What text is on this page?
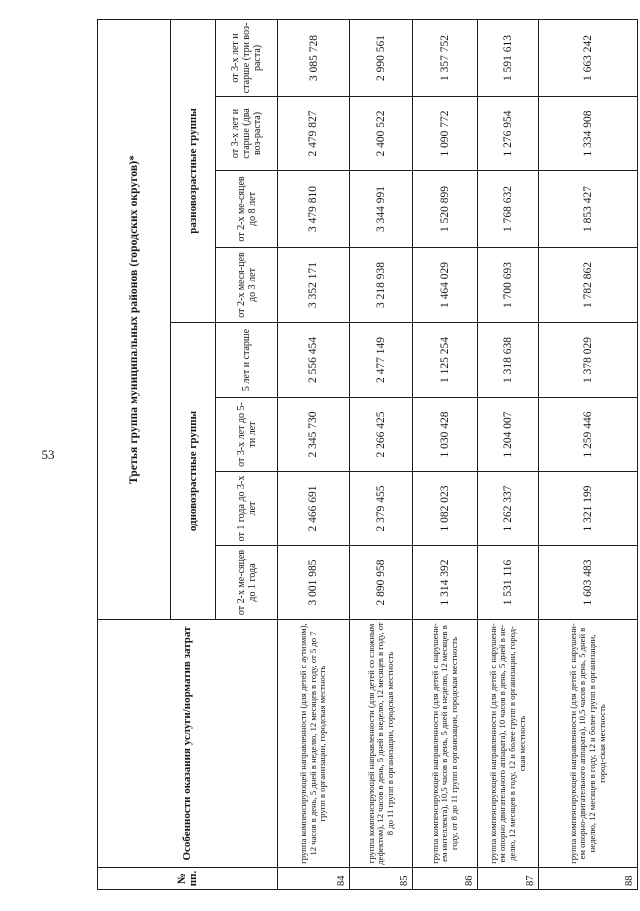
53
№ пп.	Особенности оказания услуги/норматив затрат	Третья группа муниципальных районов (городских округов)*							
		одновозрастные группы				разновозрастные группы			
		от 2-х ме-сяцев до 1 года	от 1 года до 3-х лет	от 3-х лет до 5-ти лет	5 лет и старше	от 2-х меся-цев до 3 лет	от 2-х ме-сяцев до 8 лет	от 3-х лет и старше (два воз-раста)	от 3-х лет и старше (три воз-раста)
84	группа компенсирующей направленности (для детей с аутизмом), 12 часов в день, 5 дней в неделю, 12 месяцев в году, от 5 до 7 групп в организации, городская местность	3 001 985	2 466 691	2 345 730	2 556 454	3 352 171	3 479 810	2 479 827	3 085 728
85	группа компенсирующей направленности (для детей со сложным дефектом), 12 часов в день, 5 дней в неделю, 12 месяцев в году, от 8 до 11 групп в организации, городская местность	2 890 958	2 379 455	2 266 425	2 477 149	3 218 938	3 344 991	2 400 522	2 990 561
86	группа компенсирующей направленности (для детей с нарушени-ем интеллекта), 10,5 часов в день, 5 дней в неделю, 12 месяцев в году, от 8 до 11 групп в организации, городская местность	1 314 392	1 082 023	1 030 428	1 125 254	1 464 029	1 520 899	1 090 772	1 357 752
87	группа компенсирующей направленности (для детей с нарушени-ем опорно двигательного аппарата), 10 часов в день, 5 дней в не-делю, 12 месяцев в году, 12 и более групп в организации, город-ская местность	1 531 116	1 262 337	1 204 007	1 318 638	1 700 693	1 768 632	1 276 954	1 591 613
88	группа компенсирующей направленности (для детей с нарушени-ем опорно-двигательного аппарата), 10,5 часов в день, 5 дней в неделю, 12 месяцев в году, 12 и более групп в организации, город-ская местность	1 603 483	1 321 199	1 259 446	1 378 029	1 782 862	1 853 427	1 334 908	1 663 242
